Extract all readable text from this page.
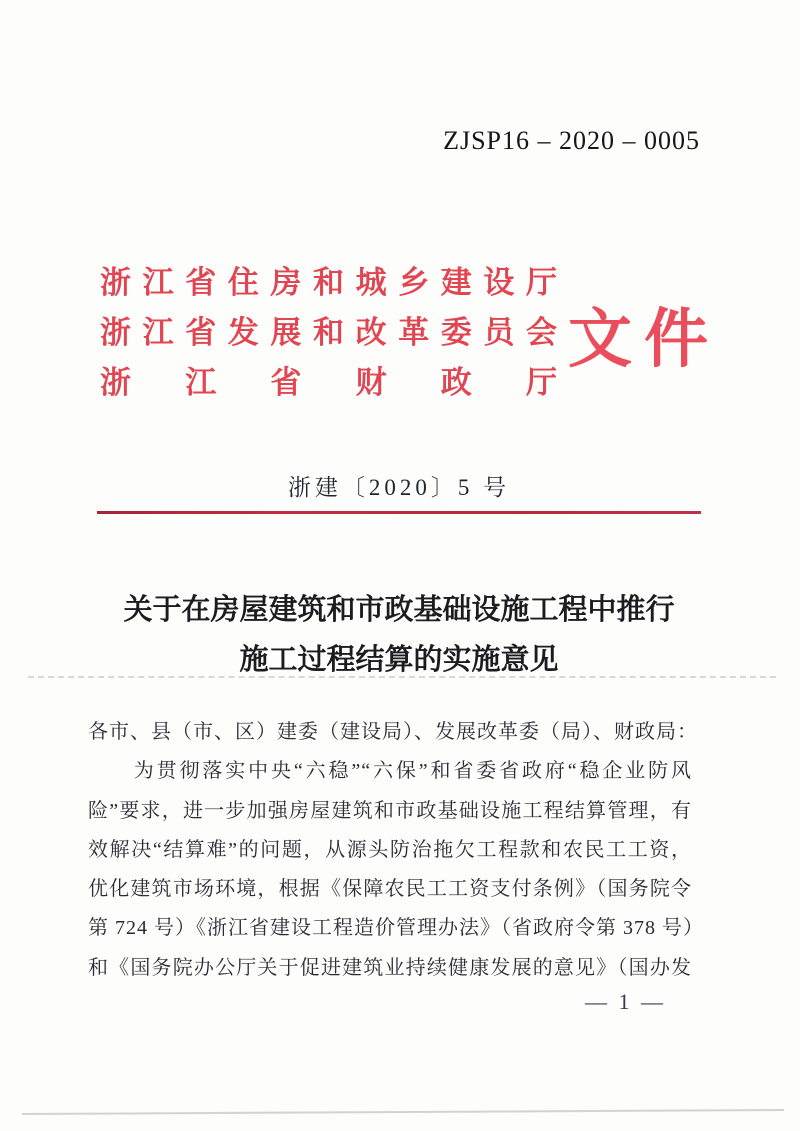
ZJSP16 – 2020 – 0005
浙江省住房和城乡建设厅
浙江省发展和改革委员会
浙江省财政厅
文件
浙建〔2020〕5 号
关于在房屋建筑和市政基础设施工程中推行
施工过程结算的实施意见
各市、县（市、区）建委（建设局）、发展改革委（局）、财政局：
　　为贯彻落实中央“六稳”“六保”和省委省政府“稳企业防风
险”要求，进一步加强房屋建筑和市政基础设施工程结算管理，有
效解决“结算难”的问题，从源头防治拖欠工程款和农民工工资，
优化建筑市场环境，根据《保障农民工工资支付条例》（国务院令
第 724 号）《浙江省建设工程造价管理办法》（省政府令第 378 号）
和《国务院办公厅关于促进建筑业持续健康发展的意见》（国办发
— 1 —
